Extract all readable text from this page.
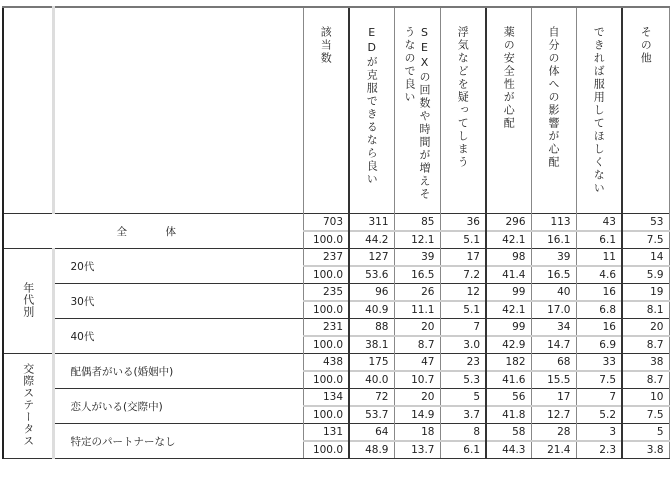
		該当数	EDが克服できるなら良い	SEXの回数や時間が増えそうなので良い	浮気などを疑ってしまう	薬の安全性が心配	自分の体への影響が心配	できれば服用してほしくない	その他

全　体		703	311	85	36	296	113	43	53
		100.0	44.2	12.1	5.1	42.1	16.1	6.1	7.5
年代別	20代	237	127	39	17	98	39	11	14
		100.0	53.6	16.5	7.2	41.4	16.5	4.6	5.9
	30代	235	96	26	12	99	40	16	19
		100.0	40.9	11.1	5.1	42.1	17.0	6.8	8.1
	40代	231	88	20	7	99	34	16	20
		100.0	38.1	8.7	3.0	42.9	14.7	6.9	8.7
交際ステータス	配偶者がいる(婚姻中)	438	175	47	23	182	68	33	38
		100.0	40.0	10.7	5.3	41.6	15.5	7.5	8.7
	恋人がいる(交際中)	134	72	20	5	56	17	7	10
		100.0	53.7	14.9	3.7	41.8	12.7	5.2	7.5
	特定のパートナーなし	131	64	18	8	58	28	3	5
		100.0	48.9	13.7	6.1	44.3	21.4	2.3	3.8
